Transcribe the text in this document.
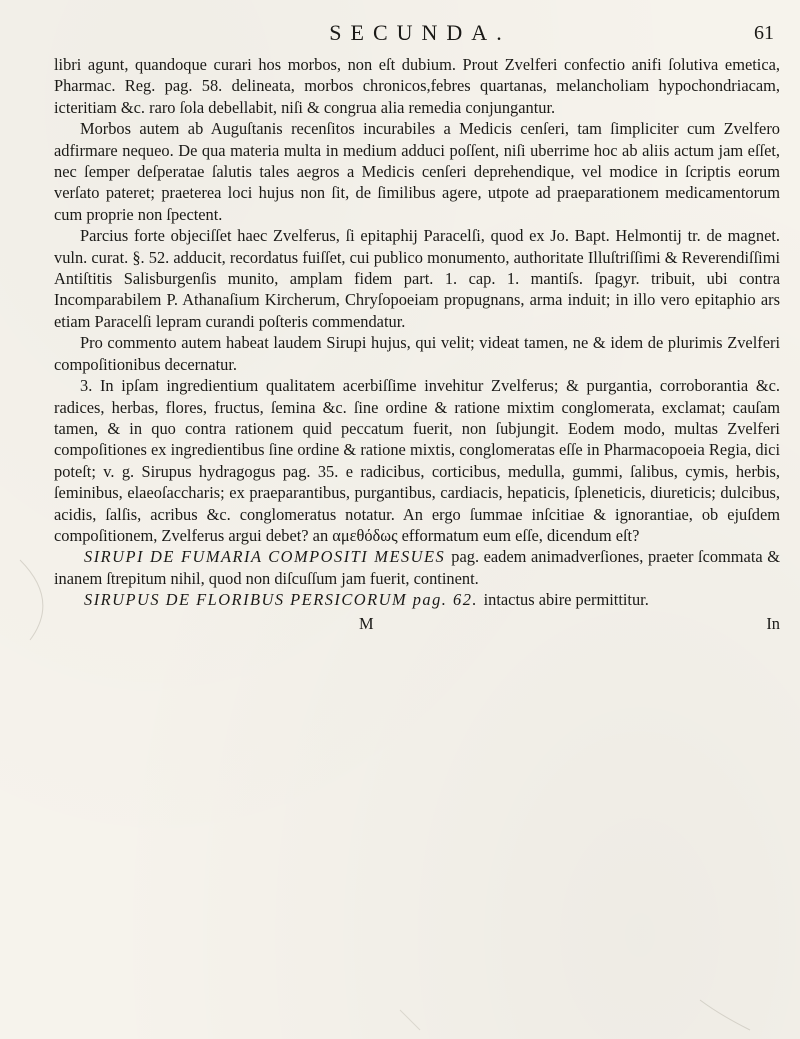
SECUNDA.	61

libri agunt, quandoque curari hos morbos, non eſt dubium. Prout Zvelferi confectio anifi ſolutiva emetica, Pharmac. Reg. pag. 58. delineata, morbos chronicos,febres quartanas, melancholiam hypochondriacam, icteritiam &c. raro ſola debellabit, niſi & congrua alia remedia conjungantur.

Morbos autem ab Auguſtanis recenſitos incurabiles a Medicis cenſeri, tam ſimpliciter cum Zvelfero adfirmare nequeo. De qua materia multa in medium adduci poſſent, niſi uberrime hoc ab aliis actum jam eſſet, nec ſemper deſperatae ſalutis tales aegros a Medicis cenſeri deprehendique, vel modice in ſcriptis eorum verſato pateret; praeterea loci hujus non ſit, de ſimilibus agere, utpote ad praeparationem medicamentorum cum proprie non ſpectent.

Parcius forte objeciſſet haec Zvelferus, ſi epitaphij Paracelſi, quod ex Jo. Bapt. Helmontij tr. de magnet. vuln. curat. §. 52. adducit, recordatus fuiſſet, cui publico monumento, authoritate Illuſtriſſimi & Reverendiſſimi Antiſtitis Salisburgenſis munito, amplam fidem part. 1. cap. 1. mantiſs. ſpagyr. tribuit, ubi contra Incomparabilem P. Athanaſium Kircherum, Chryſopoeiam propugnans, arma induit; in illo vero epitaphio ars etiam Paracelſi lepram curandi poſteris commendatur.

Pro commento autem habeat laudem Sirupi hujus, qui velit; videat tamen, ne & idem de plurimis Zvelferi compoſitionibus decernatur.

3. In ipſam ingredientium qualitatem acerbiſſime invehitur Zvelferus; & purgantia, corroborantia &c. radices, herbas, flores, fructus, ſemina &c. ſine ordine & ratione mixtim conglomerata, exclamat; cauſam tamen, & in quo contra rationem quid peccatum fuerit, non ſubjungit. Eodem modo, multas Zvelferi compoſitiones ex ingredientibus ſine ordine & ratione mixtis, conglomeratas eſſe in Pharmacopoeia Regia, dici poteſt; v. g. Sirupus hydragogus pag. 35. e radicibus, corticibus, medulla, gummi, ſalibus, cymis, herbis, ſeminibus, elaeoſaccharis; ex praeparantibus, purgantibus, cardiacis, hepaticis, ſpleneticis, diureticis; dulcibus, acidis, ſalſis, acribus &c. conglomeratus notatur. An ergo ſummae inſcitiae & ignorantiae, ob ejuſdem compoſitionem, Zvelferus argui debet? an αμεθόδως efformatum eum eſſe, dicendum eſt?

SIRUPI DE FUMARIA COMPOSITI MESUES pag. eadem animadverſiones, praeter ſcommata & inanem ſtrepitum nihil, quod non diſcuſſum jam fuerit, continent.

SIRUPUS DE FLORIBUS PERSICORUM pag. 62. intactus abire permittitur.

M	In
